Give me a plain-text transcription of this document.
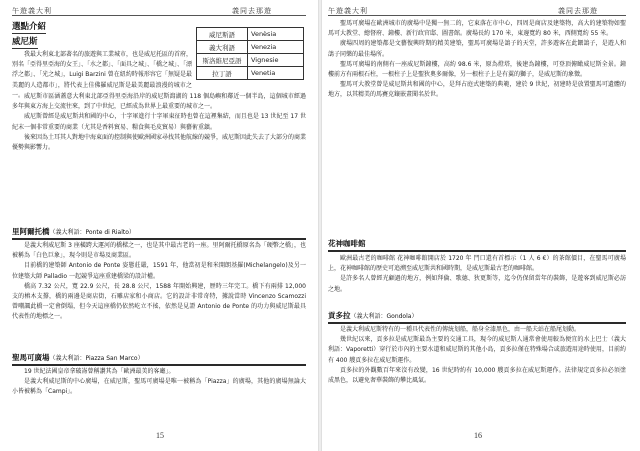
午遊義大利	義同去那遊
選點介紹
威尼斯
威尼斯語	Venèsia
義大利語	Venezia
斯洛維尼亞語	Vignesie
拉丁語	Venetia

我最大利東北部著名的旅遊與工業城市，也是威尼托區的首府，別名「亞得里亞海的女王」、「水之都」、「面具之城」、「橋之城」、「漂浮之都」、「光之城」，Luigi Barzini 曾在紐約時報形容它「無疑是最美麗的人造都市」，將代表上佳佛羅威尼斯是最美麗最浪漫的城市之一。 威尼斯市區涵蓋意大利東北部亞得里亞海沿岸的威尼斯瀉湖的 118 個島嶼和鄰近一個半島，這個城市經過多年與東方海上交流往來，到了中世紀，已經成為世界上最重要的城市之一。

威尼斯曾經是威尼斯共和國的中心，十字軍進行十字軍東征時也曾在這裡集結，而且也是 13 世紀至 17 世紀末一個非常重要的商業（尤其是香料貿易、糧食與毛皮貿易）與藝術重鎮。

後來因為土耳其人對地中海東面的控制與使歐洲國家尋找其他航線的競爭，威尼斯因此失去了大部分的商業優勢與影響力。

里阿爾托橋（義大利語：Ponte di Rialto）

是義大利威尼斯 3 座橫跨大運河的橋樑之一，也是其中最古老的一座。里阿爾托橋原名為「硬幣之橋」，也被稱為「白色巨象」，現今則是市場及商業區。

目前橋的建築師 Antonio de Ponte 姿態莊嚴，1591 年，他當初是和米開朗基羅(Michelangelo)及另一位建築大師 Palladio 一起競爭這座重建橋梁的設計權。

橋高 7.32 公尺，寬 22.9 公尺，長 28.8 公尺，1588 年開始興建，歷時三年完工。橋下有兩排 12,000 支的樁木支撐，橋的兩邊是商店街，石雕店家和小商店。它的設計非常奇特，據說當時 Vincenzo Scamozzi 曾嘲諷此橋一定會倒塌，但今天這座橋仍依然屹立不搖，依然是見證 Antonio de Ponte 的功力與威尼斯最具代表性的地標之一。

聖馬可廣場（義大利語：Piazza San Marco）

19 世紀法國皇帝拿破崙曾稱讚其為「歐洲最美的客廳」。

是義大利威尼斯的中心廣場，在威尼斯，聖馬可廣場是唯一被稱為「Piazza」的廣場，其他的廣場無論大小皆被稱為「Campi」。

15
午遊義大利	義同去那遊

聖馬可廣場在歐洲城市的廣場中是獨一無二的，它東落在市中心，四周是商店及建築物，高大的建築物如聖馬可大教堂、總督府、鐘樓、新行政官邸、圖書館。廣場長約 170 米，東邊寬約 80 米，西側寬約 55 米。

廣場四周的建築都是文藝復興時期的精美建築，聖馬可廣場是鴿子的天堂，許多遊客在此餵鴿子，是遊人和鴿子同樂的最佳場所。

聖馬可廣場的南側有一座威尼斯鐘樓，高約 98.6 米，原為燈塔，後建為鐘樓，可登頂俯瞰威尼斯全景。鐘樓前方有兩根石柱，一根柱子上是聖狄奧多爾像，另一根柱子上是有翼的獅子，是威尼斯的象徵。

聖馬可大教堂曾是威尼斯共和國的中心，是拜占庭式建築的典範，建於 9 世紀，初建時是放置聖馬可遺體的地方，以其精美的馬賽克鑲嵌畫聞名於世。

花神咖啡館

歐洲最古老的咖啡館 花神咖啡館開店於 1720 年 門口還有首標示（1 人 6 €）的茶館價目，在聖馬可廣場上，花神咖啡館的歷史可追溯至威尼斯共和國時期，是威尼斯最古老的咖啡館。

是許多名人曾經光顧過的地方，例如拜倫、歌德、狄更斯等，迄今仍保留當年的裝飾，是遊客到威尼斯必訪之地。

貢多拉（義大利語：Gondola）

是義大利威尼斯特有的一種具代表性的傳統划船，船身全漆黑色，由一船夫站在船尾划動。

幾世紀以來，貢多拉是威尼斯最為主要的交通工具，現今的威尼斯人通常會使用較為便宜的水上巴士（義大利語：Vaporetti）穿行於市內的主要水道和威尼斯的其他小島，貢多拉僅在特殊場合或旅遊用途時使用，目前約有 400 艘貢多拉在威尼斯運作。

貢多拉的外觀數百年來沒有改變，16 世紀時約有 10,000 艘貢多拉在威尼斯運作。法律規定貢多拉必須塗成黑色，以避免奢華裝飾的攀比風氣。

16
